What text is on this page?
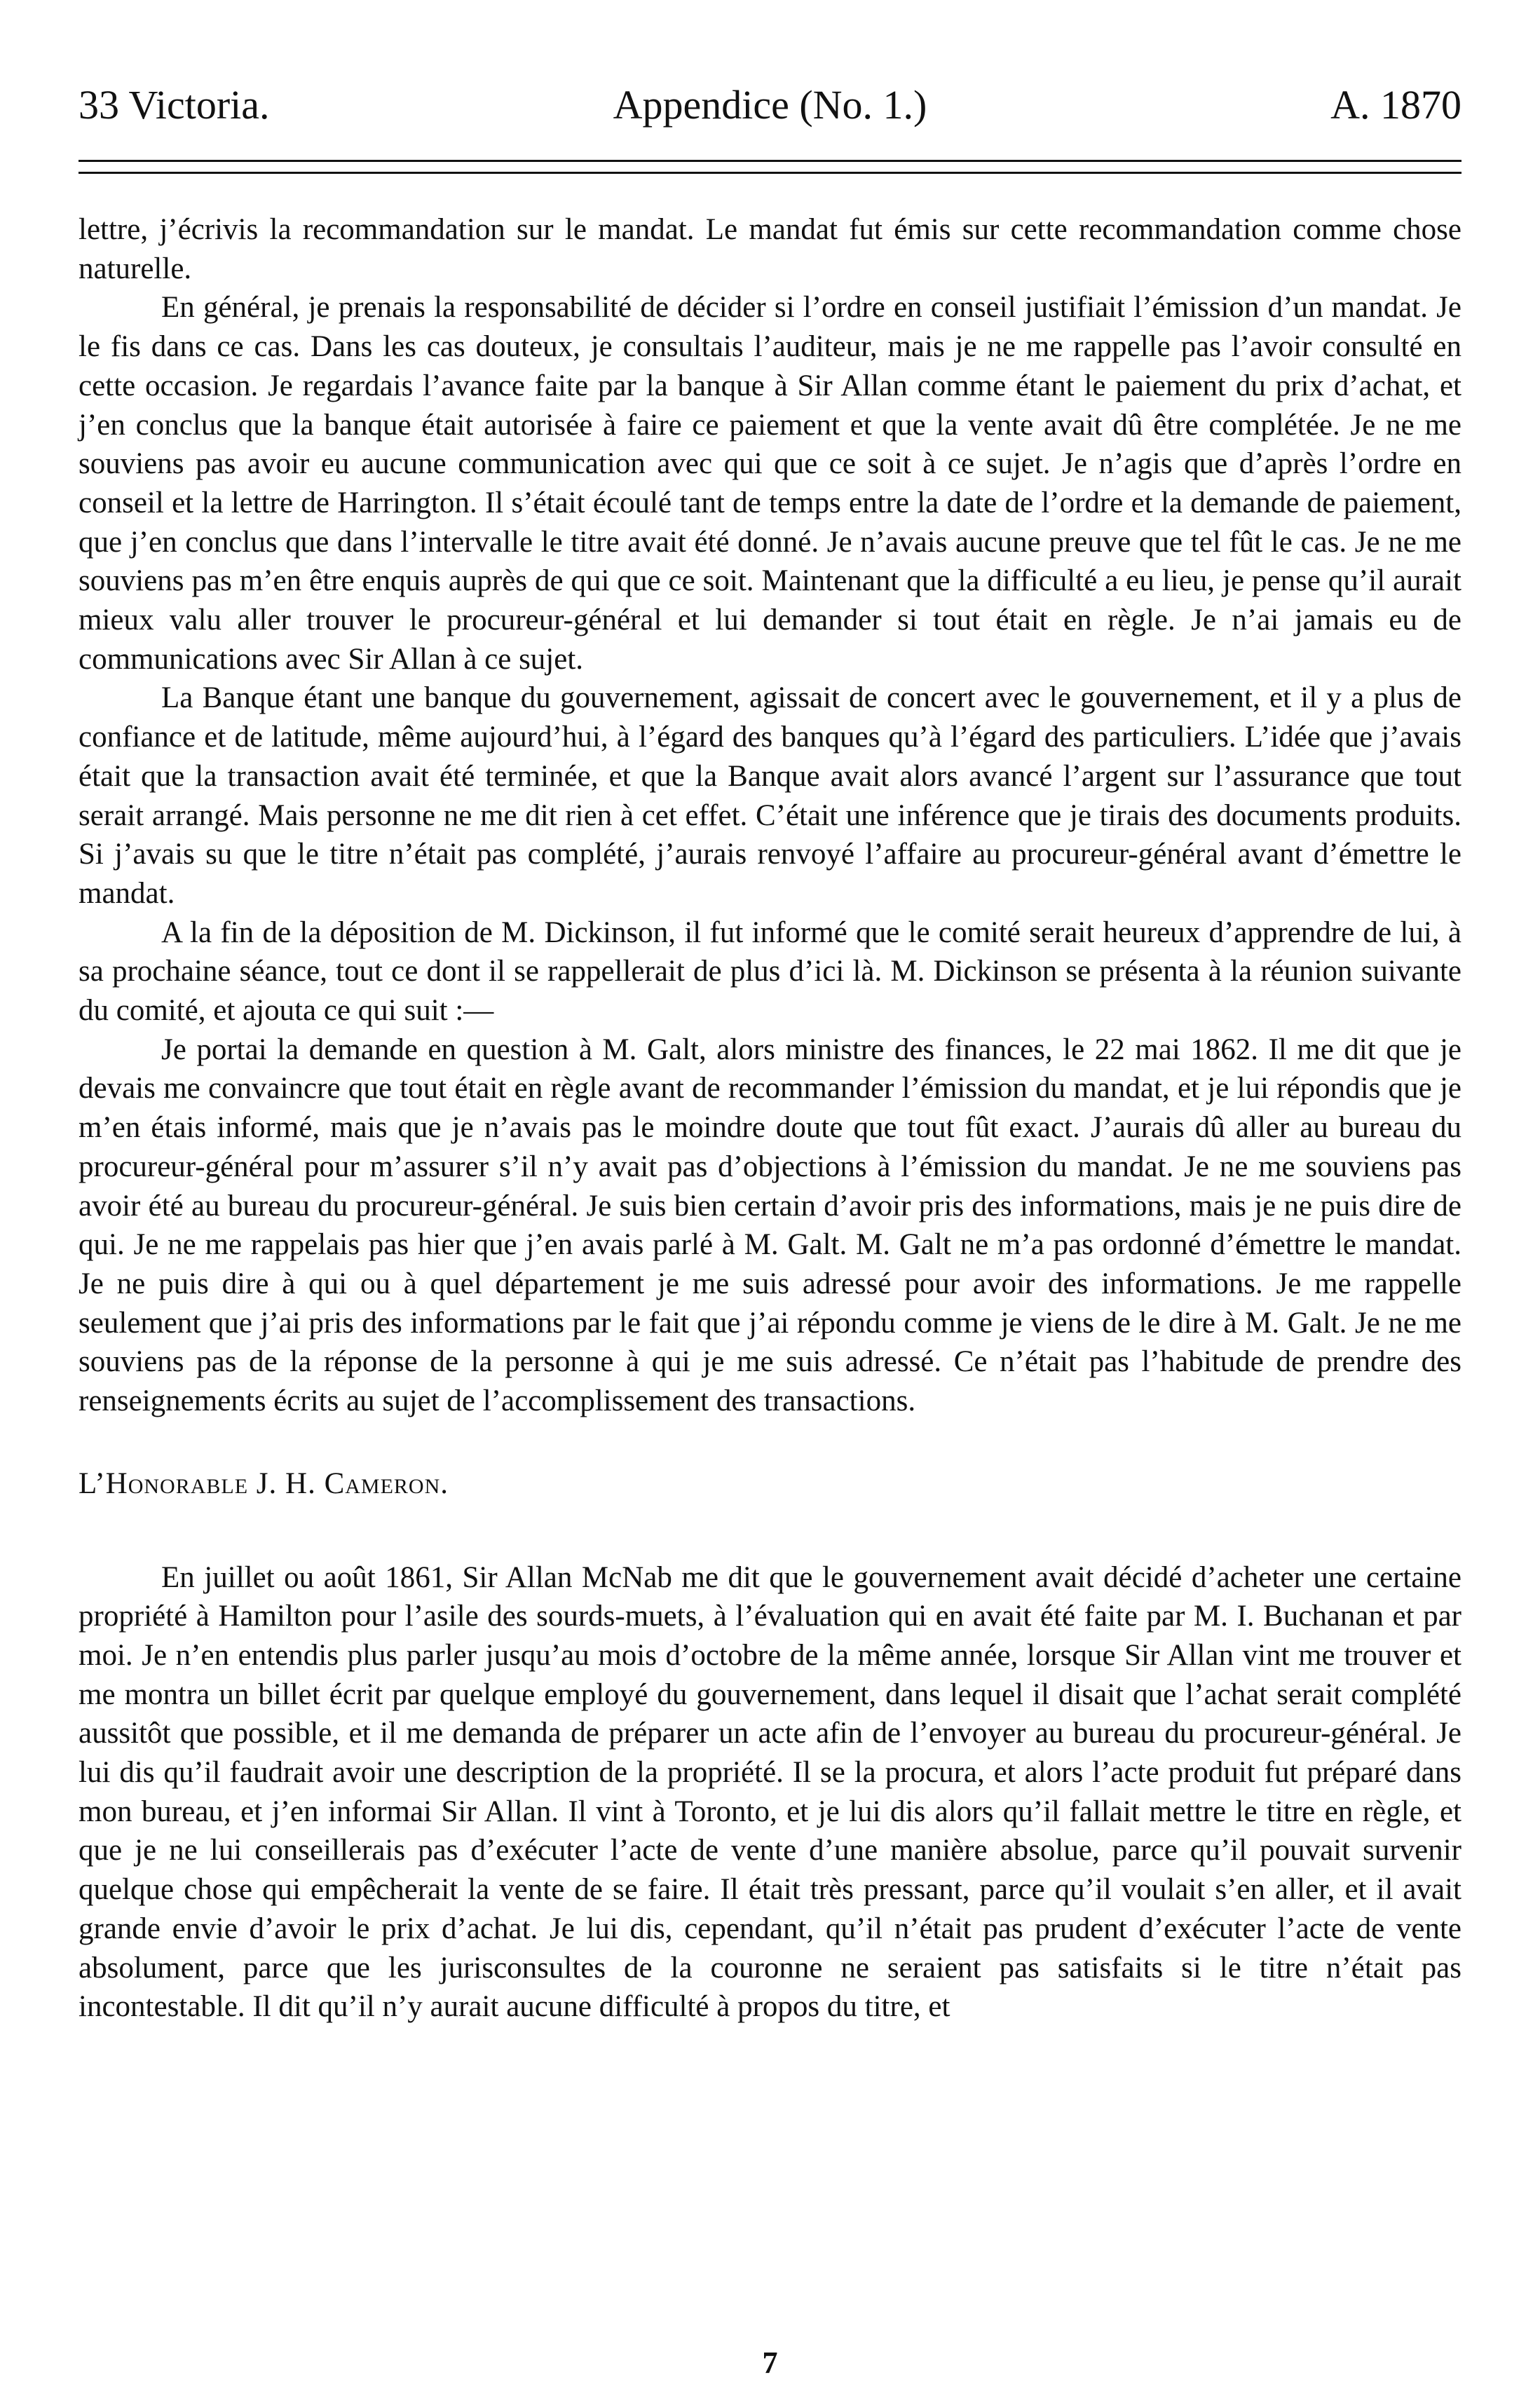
33 Victoria.	Appendice (No. 1.)	A. 1870

lettre, j’écrivis la recommandation sur le mandat. Le mandat fut émis sur cette recommandation comme chose naturelle.

En général, je prenais la responsabilité de décider si l’ordre en conseil justifiait l’émission d’un mandat. Je le fis dans ce cas. Dans les cas douteux, je consultais l’auditeur, mais je ne me rappelle pas l’avoir consulté en cette occasion. Je regardais l’avance faite par la banque à Sir Allan comme étant le paiement du prix d’achat, et j’en conclus que la banque était autorisée à faire ce paiement et que la vente avait dû être complétée. Je ne me souviens pas avoir eu aucune communication avec qui que ce soit à ce sujet. Je n’agis que d’après l’ordre en conseil et la lettre de Harrington. Il s’était écoulé tant de temps entre la date de l’ordre et la demande de paiement, que j’en conclus que dans l’intervalle le titre avait été donné. Je n’avais aucune preuve que tel fût le cas. Je ne me souviens pas m’en être enquis auprès de qui que ce soit. Maintenant que la difficulté a eu lieu, je pense qu’il aurait mieux valu aller trouver le procureur-général et lui demander si tout était en règle. Je n’ai jamais eu de communications avec Sir Allan à ce sujet.

La Banque étant une banque du gouvernement, agissait de concert avec le gouvernement, et il y a plus de confiance et de latitude, même aujourd’hui, à l’égard des banques qu’à l’égard des particuliers. L’idée que j’avais était que la transaction avait été terminée, et que la Banque avait alors avancé l’argent sur l’assurance que tout serait arrangé. Mais personne ne me dit rien à cet effet. C’était une inférence que je tirais des documents produits. Si j’avais su que le titre n’était pas complété, j’aurais renvoyé l’affaire au procureur-général avant d’émettre le mandat.

A la fin de la déposition de M. Dickinson, il fut informé que le comité serait heureux d’apprendre de lui, à sa prochaine séance, tout ce dont il se rappellerait de plus d’ici là. M. Dickinson se présenta à la réunion suivante du comité, et ajouta ce qui suit :—

Je portai la demande en question à M. Galt, alors ministre des finances, le 22 mai 1862. Il me dit que je devais me convaincre que tout était en règle avant de recommander l’émission du mandat, et je lui répondis que je m’en étais informé, mais que je n’avais pas le moindre doute que tout fût exact. J’aurais dû aller au bureau du procureur-général pour m’assurer s’il n’y avait pas d’objections à l’émission du mandat. Je ne me souviens pas avoir été au bureau du procureur-général. Je suis bien certain d’avoir pris des informations, mais je ne puis dire de qui. Je ne me rappelais pas hier que j’en avais parlé à M. Galt. M. Galt ne m’a pas ordonné d’émettre le mandat. Je ne puis dire à qui ou à quel département je me suis adressé pour avoir des informations. Je me rappelle seulement que j’ai pris des informations par le fait que j’ai répondu comme je viens de le dire à M. Galt. Je ne me souviens pas de la réponse de la personne à qui je me suis adressé. Ce n’était pas l’habitude de prendre des renseignements écrits au sujet de l’accomplissement des transactions.

L’Honorable J. H. Cameron.

En juillet ou août 1861, Sir Allan McNab me dit que le gouvernement avait décidé d’acheter une certaine propriété à Hamilton pour l’asile des sourds-muets, à l’évaluation qui en avait été faite par M. I. Buchanan et par moi. Je n’en entendis plus parler jusqu’au mois d’octobre de la même année, lorsque Sir Allan vint me trouver et me montra un billet écrit par quelque employé du gouvernement, dans lequel il disait que l’achat serait complété aussitôt que possible, et il me demanda de préparer un acte afin de l’envoyer au bureau du procureur-général. Je lui dis qu’il faudrait avoir une description de la propriété. Il se la procura, et alors l’acte produit fut préparé dans mon bureau, et j’en informai Sir Allan. Il vint à Toronto, et je lui dis alors qu’il fallait mettre le titre en règle, et que je ne lui conseillerais pas d’exécuter l’acte de vente d’une manière absolue, parce qu’il pouvait survenir quelque chose qui empêcherait la vente de se faire. Il était très pressant, parce qu’il voulait s’en aller, et il avait grande envie d’avoir le prix d’achat. Je lui dis, cependant, qu’il n’était pas prudent d’exécuter l’acte de vente absolument, parce que les jurisconsultes de la couronne ne seraient pas satisfaits si le titre n’était pas incontestable. Il dit qu’il n’y aurait aucune difficulté à propos du titre, et

7
